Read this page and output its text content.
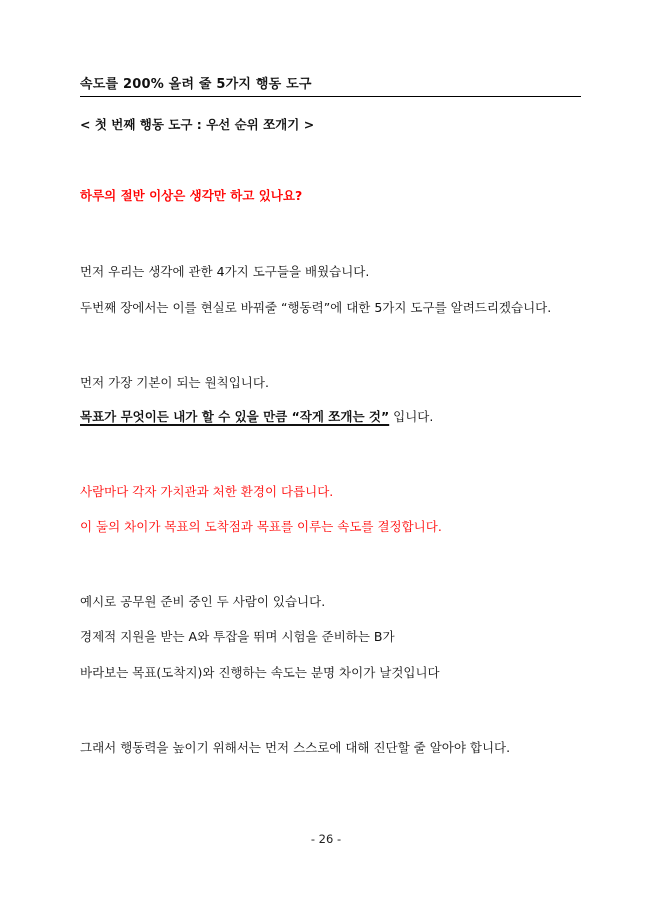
속도를 200% 올려 줄 5가지 행동 도구
< 첫 번째 행동 도구 : 우선 순위 쪼개기 >
하루의 절반 이상은 생각만 하고 있나요?
먼저 우리는 생각에 관한 4가지 도구들을 배웠습니다.
두번째 장에서는 이를 현실로 바꿔줄 “행동력”에 대한 5가지 도구를 알려드리겠습니다.
먼저 가장 기본이 되는 원칙입니다.
목표가 무엇이든 내가 할 수 있을 만큼 “작게 쪼개는 것” 입니다.
사람마다 각자 가치관과 처한 환경이 다릅니다.
이 둘의 차이가 목표의 도착점과 목표를 이루는 속도를 결정합니다.
예시로 공무원 준비 중인 두 사람이 있습니다.
경제적 지원을 받는 A와 투잡을 뛰며 시험을 준비하는 B가
바라보는 목표(도착지)와 진행하는 속도는 분명 차이가 날것입니다
그래서 행동력을 높이기 위해서는 먼저 스스로에 대해 진단할 줄 알아야 합니다.
- 26 -
